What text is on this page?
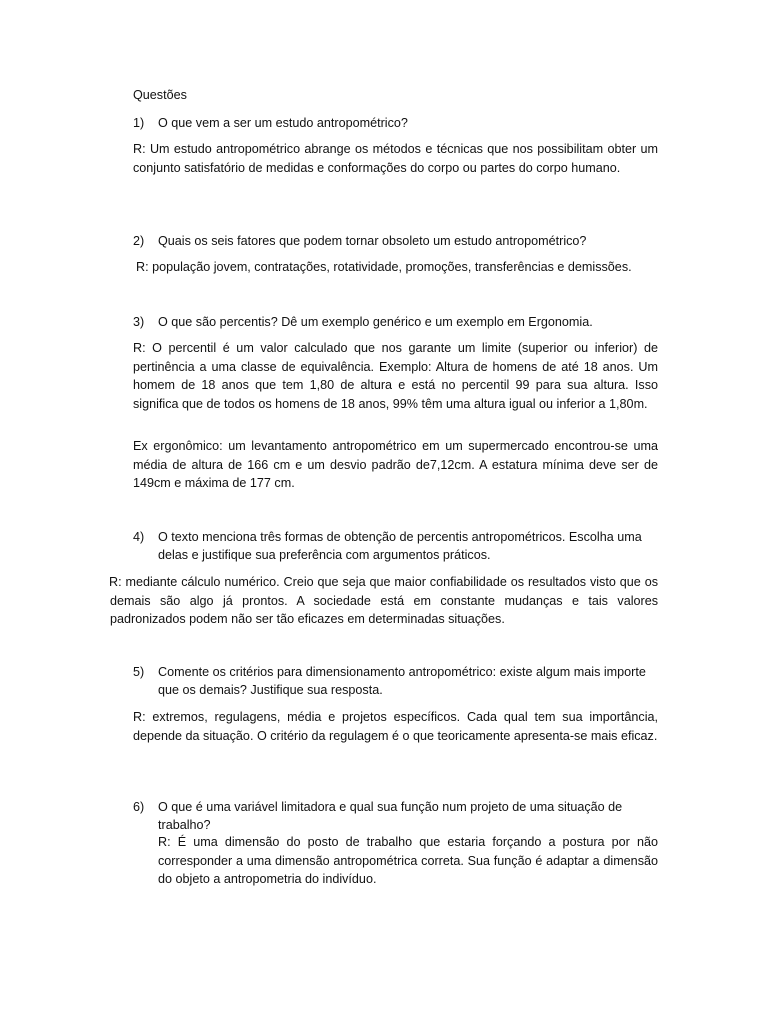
Questões
1) O que vem a ser um estudo antropométrico?
R: Um estudo antropométrico abrange os métodos e técnicas que nos possibilitam obter um conjunto satisfatório de medidas e conformações do corpo ou partes do corpo humano.
2) Quais os seis fatores que podem tornar obsoleto um estudo antropométrico?
R: população jovem, contratações, rotatividade, promoções, transferências e demissões.
3) O que são percentis? Dê um exemplo genérico e um exemplo em Ergonomia.
R: O percentil é um valor calculado que nos garante um limite (superior ou inferior) de pertinência a uma classe de equivalência. Exemplo: Altura de homens de até 18 anos. Um homem de 18 anos que tem 1,80 de altura e está no percentil 99 para sua altura. Isso significa que de todos os homens de 18 anos, 99% têm uma altura igual ou inferior a 1,80m.
Ex ergonômico: um levantamento antropométrico em um supermercado encontrou-se uma média de altura de 166 cm e um desvio padrão de7,12cm. A estatura mínima deve ser de 149cm e máxima de 177 cm.
4) O texto menciona três formas de obtenção de percentis antropométricos. Escolha uma delas e justifique sua preferência com argumentos práticos.
R: mediante cálculo numérico. Creio que seja que maior confiabilidade os resultados visto que os demais são algo já prontos. A sociedade está em constante mudanças e tais valores padronizados podem não ser tão eficazes em determinadas situações.
5) Comente os critérios para dimensionamento antropométrico: existe algum mais importe que os demais? Justifique sua resposta.
R: extremos, regulagens, média e projetos específicos. Cada qual tem sua importância, depende da situação. O critério da regulagem é o que teoricamente apresenta-se mais eficaz.
6) O que é uma variável limitadora e qual sua função num projeto de uma situação de trabalho?
R: É uma dimensão do posto de trabalho que estaria forçando a postura por não corresponder a uma dimensão antropométrica correta. Sua função é adaptar a dimensão do objeto a antropometria do indivíduo.
